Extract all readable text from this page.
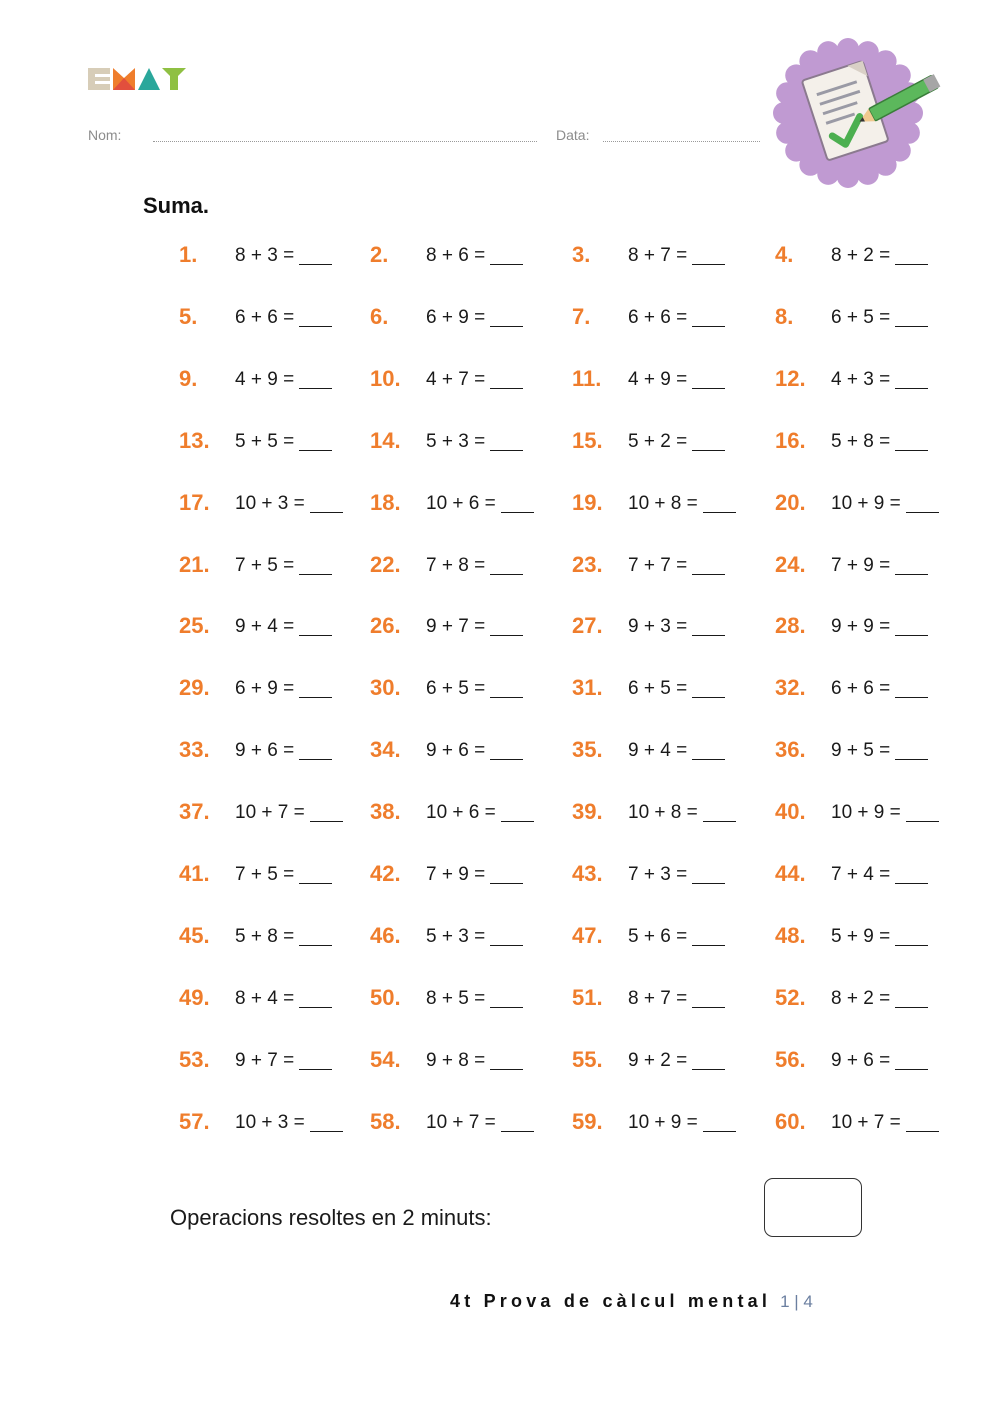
Nom:	Data:
Suma.
1. 8 + 3 =	2. 8 + 6 =	3. 8 + 7 =	4. 8 + 2 =
5. 6 + 6 =	6. 6 + 9 =	7. 6 + 6 =	8. 6 + 5 =
9. 4 + 9 =	10. 4 + 7 =	11. 4 + 9 =	12. 4 + 3 =
13. 5 + 5 =	14. 5 + 3 =	15. 5 + 2 =	16. 5 + 8 =
17. 10 + 3 =	18. 10 + 6 =	19. 10 + 8 =	20. 10 + 9 =
21. 7 + 5 =	22. 7 + 8 =	23. 7 + 7 =	24. 7 + 9 =
25. 9 + 4 =	26. 9 + 7 =	27. 9 + 3 =	28. 9 + 9 =
29. 6 + 9 =	30. 6 + 5 =	31. 6 + 5 =	32. 6 + 6 =
33. 9 + 6 =	34. 9 + 6 =	35. 9 + 4 =	36. 9 + 5 =
37. 10 + 7 =	38. 10 + 6 =	39. 10 + 8 =	40. 10 + 9 =
41. 7 + 5 =	42. 7 + 9 =	43. 7 + 3 =	44. 7 + 4 =
45. 5 + 8 =	46. 5 + 3 =	47. 5 + 6 =	48. 5 + 9 =
49. 8 + 4 =	50. 8 + 5 =	51. 8 + 7 =	52. 8 + 2 =
53. 9 + 7 =	54. 9 + 8 =	55. 9 + 2 =	56. 9 + 6 =
57. 10 + 3 =	58. 10 + 7 =	59. 10 + 9 =	60. 10 + 7 =
Operacions resoltes en 2 minuts:
4t Prova de càlcul mental 1 | 4
